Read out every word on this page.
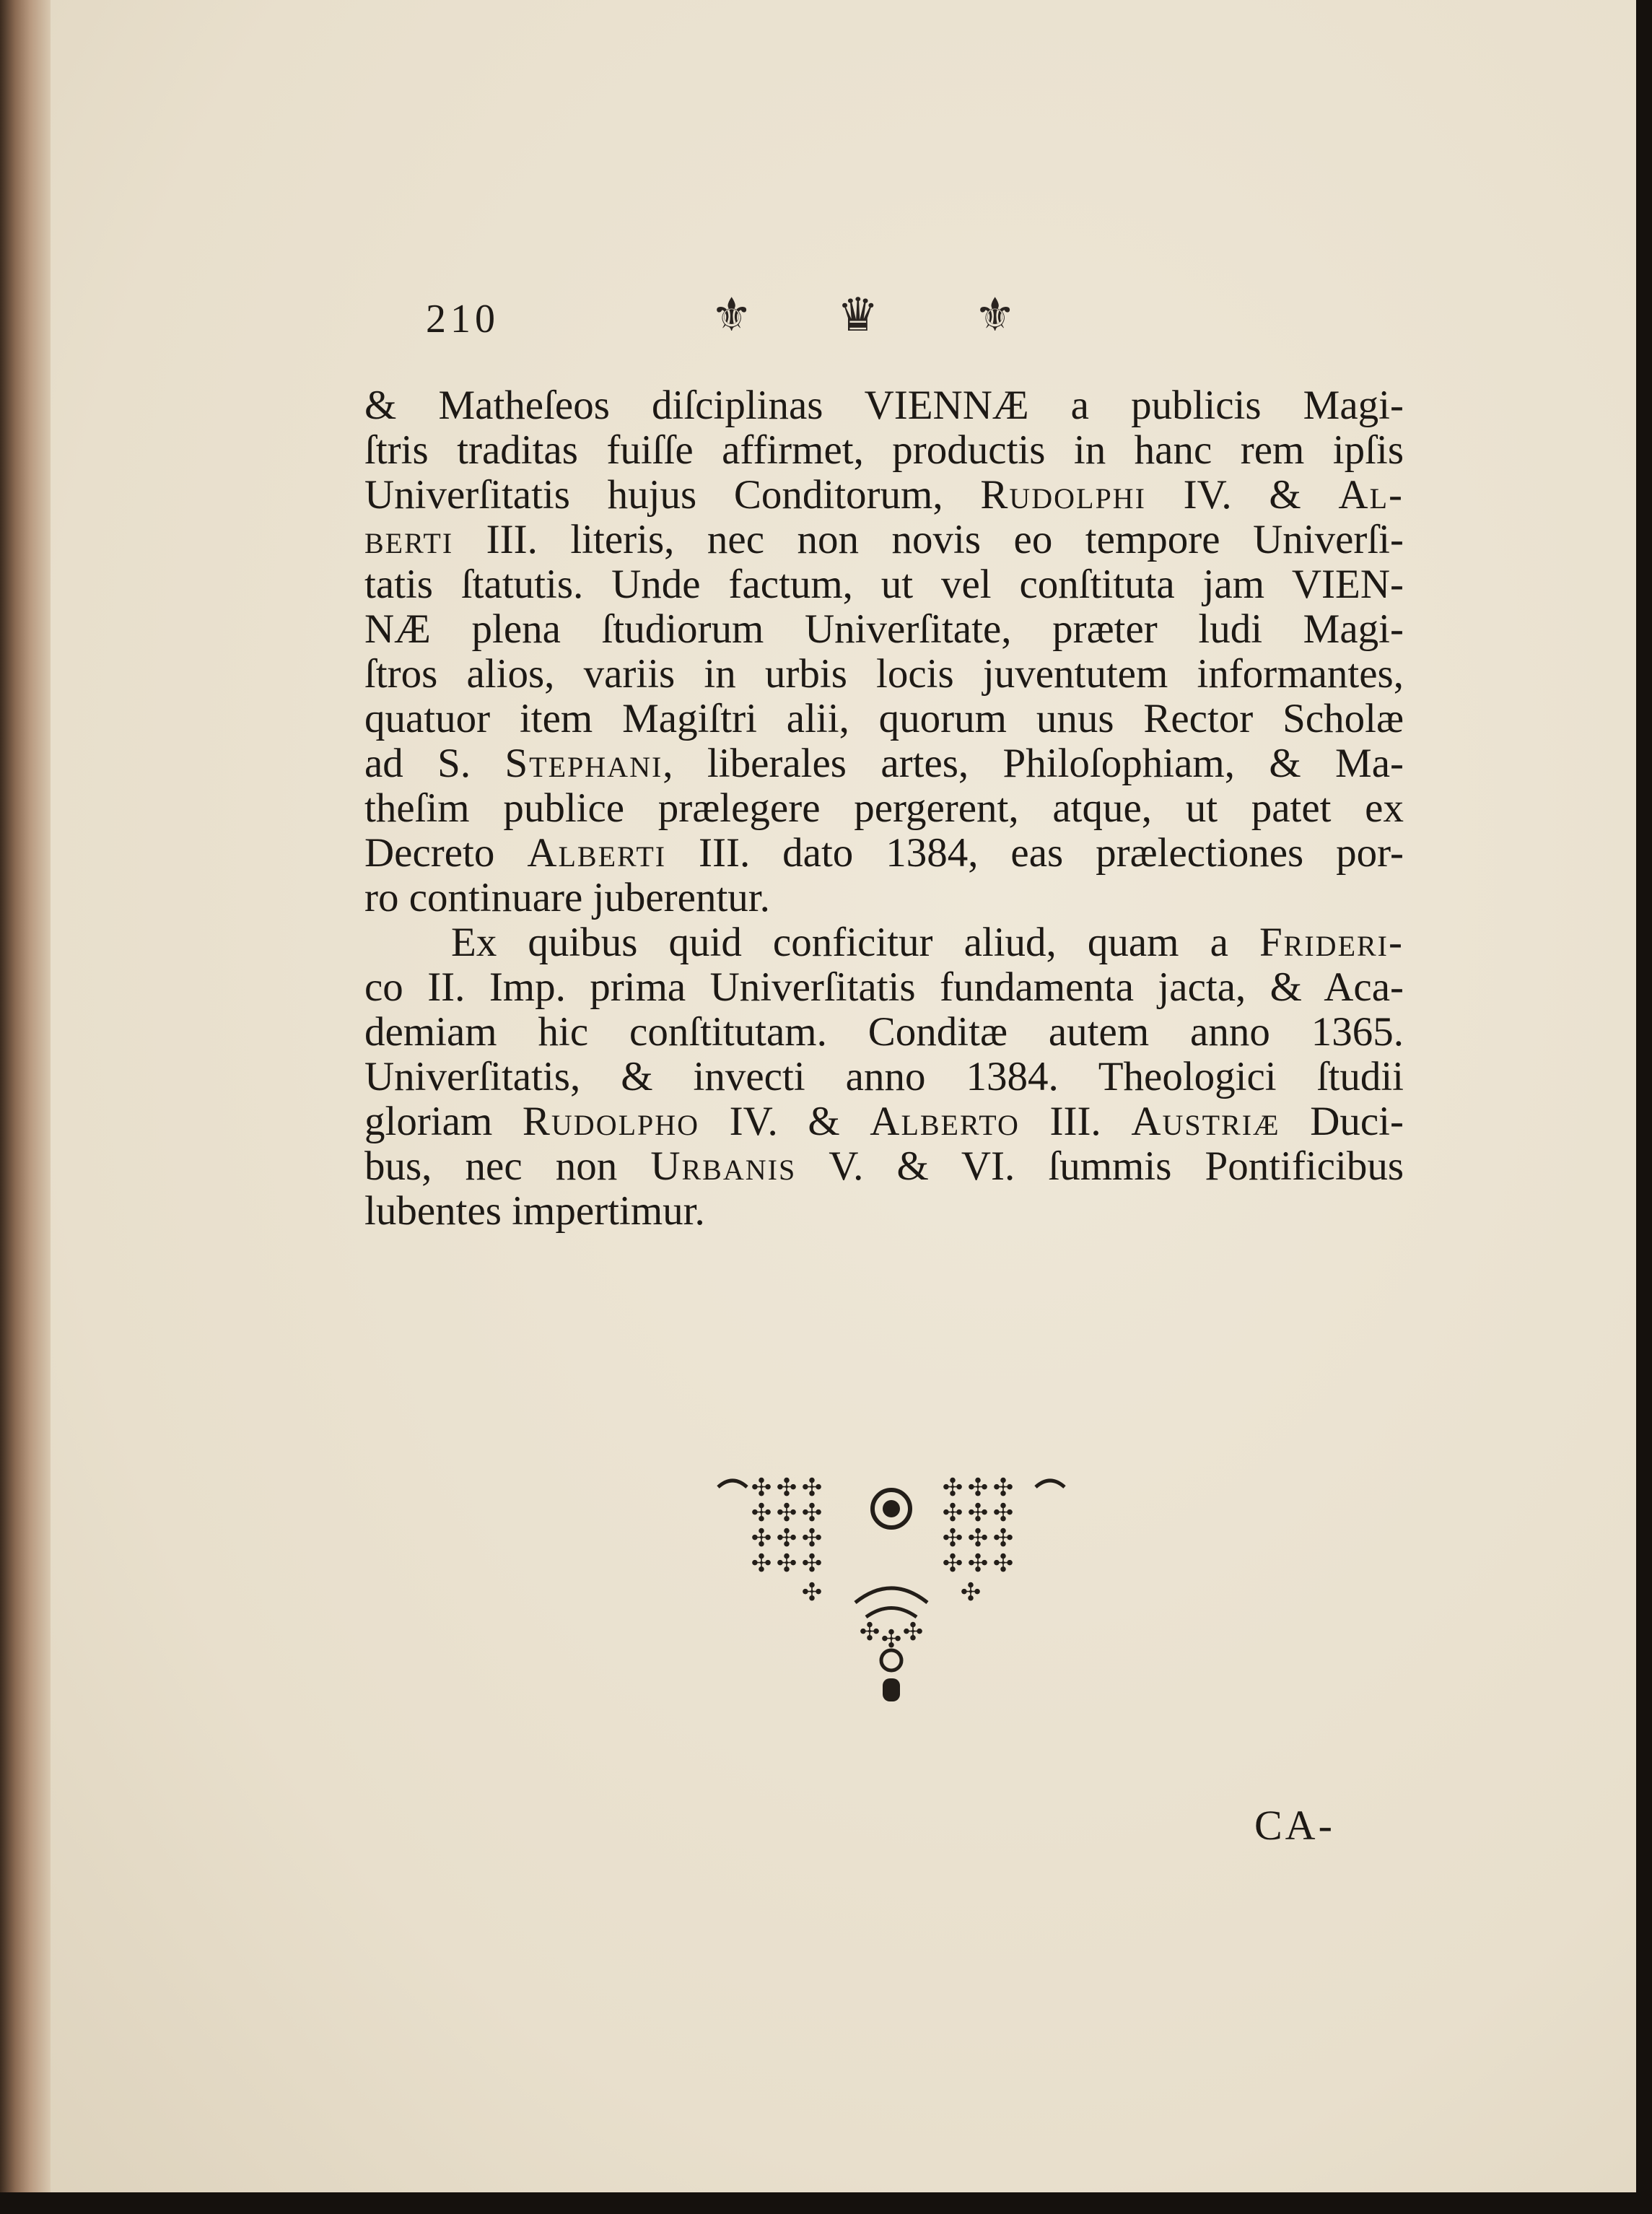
210	⚜ ♛ ⚜
& Matheſeos diſciplinas VIENNÆ a publicis Magi-
ſtris traditas fuiſſe affirmet, productis in hanc rem ipſis
Univerſitatis hujus Conditorum, Rudolphi IV. & Al-
berti III. literis, nec non novis eo tempore Univerſi-
tatis ſtatutis. Unde factum, ut vel conſtituta jam VIEN-
NÆ plena ſtudiorum Univerſitate, præter ludi Magi-
ſtros alios, variis in urbis locis juventutem informantes,
quatuor item Magiſtri alii, quorum unus Rector Scholæ
ad S. Stephani, liberales artes, Philoſophiam, & Ma-
theſim publice prælegere pergerent, atque, ut patet ex
Decreto Alberti III. dato 1384, eas prælectiones por-
ro continuare juberentur.
Ex quibus quid conficitur aliud, quam a Frideri-
co II. Imp. prima Univerſitatis fundamenta jacta, & Aca-
demiam hic conſtitutam. Conditæ autem anno 1365.
Univerſitatis, & invecti anno 1384. Theologici ſtudii
gloriam Rudolpho IV. & Alberto III. Austriæ Duci-
bus, nec non Urbanis V. & VI. ſummis Pontificibus
lubentes impertimur.
✣	✣
✣	✣
✣	✣
✣	✣
✣	✣
✣	✣
✣	✣
✣	✣
✣	✣
✣	✣
✣	✣
✣	✣
✣	✣
✣
✣ ✣
CA-
